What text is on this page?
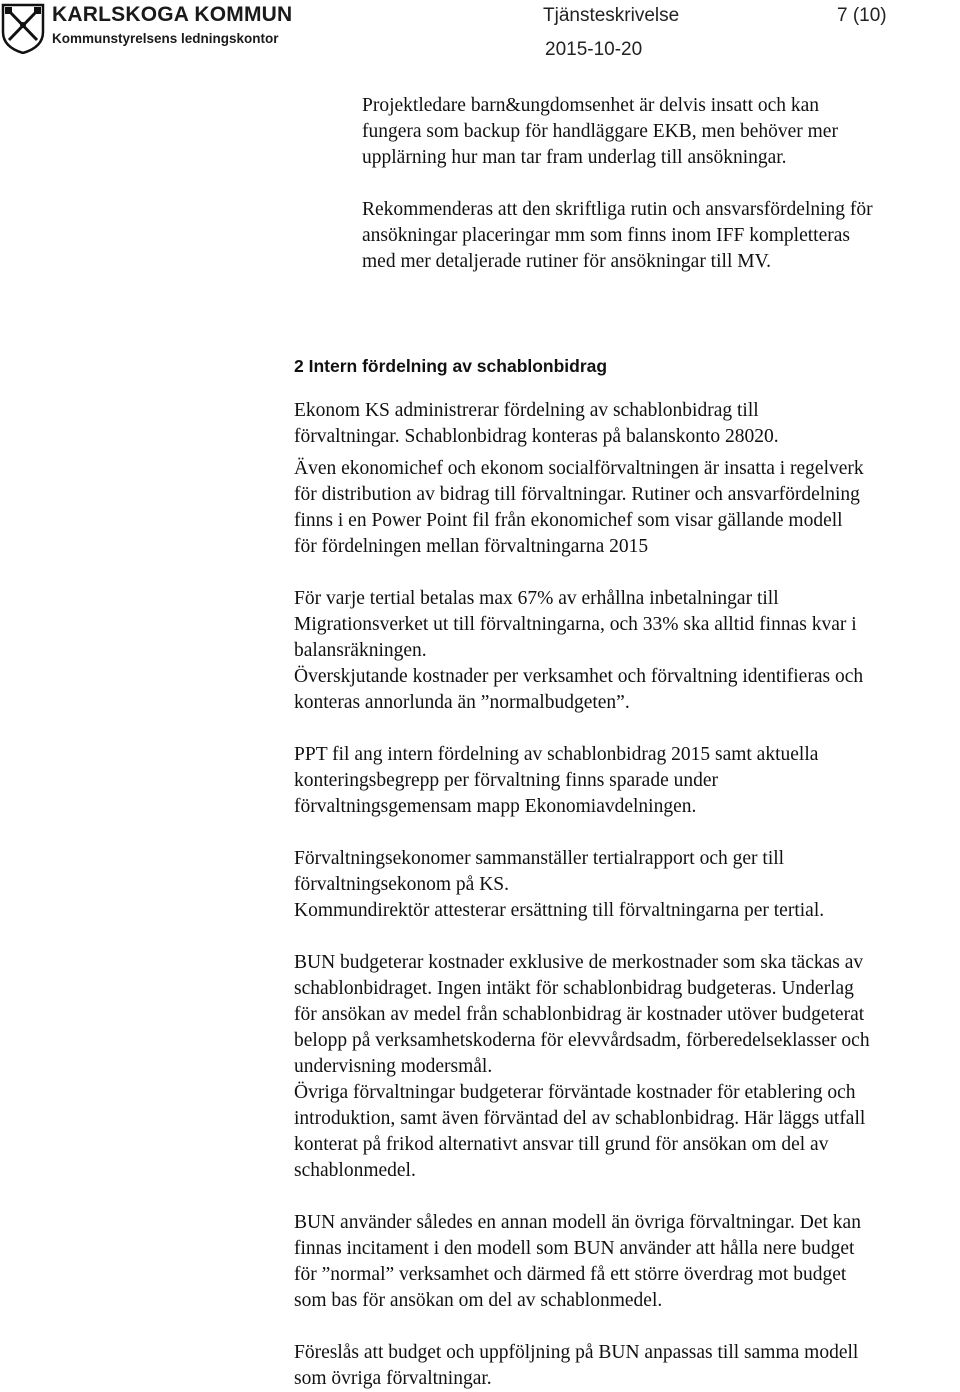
KARLSKOGA KOMMUN
Kommunstyrelsens ledningskontor
Tjänsteskrivelse	7 (10)
2015-10-20

Projektledare barn&ungdomsenhet är delvis insatt och kan

fungera som backup för handläggare EKB, men behöver mer

upplärning hur man tar fram underlag till ansökningar.

Rekommenderas att den skriftliga rutin och ansvarsfördelning för

ansökningar placeringar mm som finns inom IFF kompletteras

med mer detaljerade rutiner för ansökningar till MV.

2 Intern fördelning av schablonbidrag

Ekonom KS administrerar fördelning av schablonbidrag till

förvaltningar. Schablonbidrag konteras på balanskonto 28020.

Även ekonomichef och ekonom socialförvaltningen är insatta i regelverk

för distribution av bidrag till förvaltningar. Rutiner och ansvarfördelning

finns i en Power Point fil från ekonomichef som visar gällande modell

för fördelningen mellan förvaltningarna 2015

För varje tertial betalas max 67% av erhållna inbetalningar till

Migrationsverket ut till förvaltningarna, och 33% ska alltid finnas kvar i

balansräkningen.

Överskjutande kostnader per verksamhet och förvaltning identifieras och

konteras annorlunda än ”normalbudgeten”.

PPT fil ang intern fördelning av schablonbidrag 2015 samt aktuella

konteringsbegrepp per förvaltning finns sparade under

förvaltningsgemensam mapp Ekonomiavdelningen.

Förvaltningsekonomer sammanställer tertialrapport och ger till

förvaltningsekonom på KS.

Kommundirektör attesterar ersättning till förvaltningarna per tertial.

BUN budgeterar kostnader exklusive de merkostnader som ska täckas av

schablonbidraget. Ingen intäkt för schablonbidrag budgeteras. Underlag

för ansökan av medel från schablonbidrag är kostnader utöver budgeterat

belopp på verksamhetskoderna för elevvårdsadm, förberedelseklasser och

undervisning modersmål.

Övriga förvaltningar budgeterar förväntade kostnader för etablering och

introduktion, samt även förväntad del av schablonbidrag. Här läggs utfall

konterat på frikod alternativt ansvar till grund för ansökan om del av

schablonmedel.

BUN använder således en annan modell än övriga förvaltningar. Det kan

finnas incitament i den modell som BUN använder att hålla nere budget

för ”normal” verksamhet och därmed få ett större överdrag mot budget

som bas för ansökan om del av schablonmedel.

Föreslås att budget och uppföljning på BUN anpassas till samma modell

som övriga förvaltningar.
